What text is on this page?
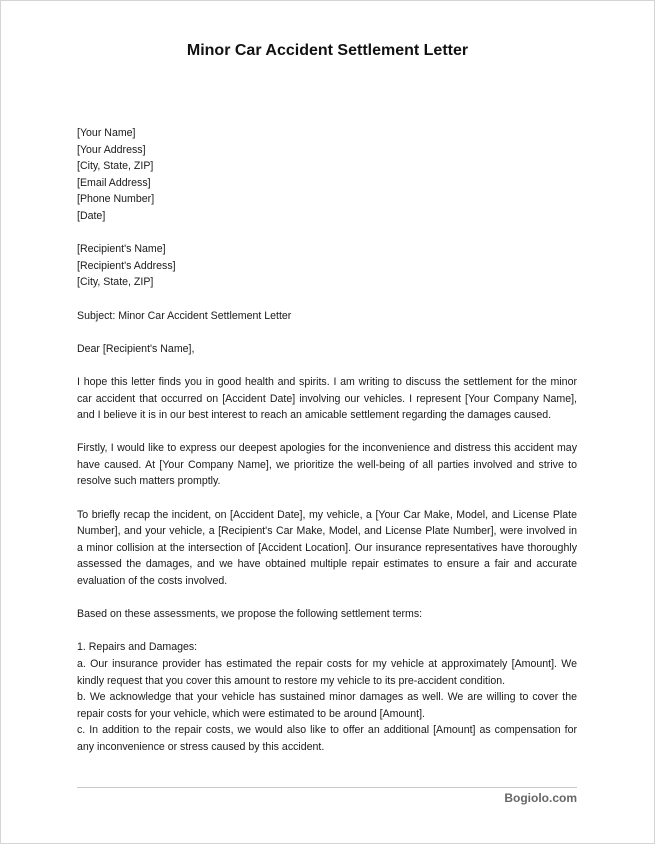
Minor Car Accident Settlement Letter
[Your Name]
[Your Address]
[City, State, ZIP]
[Email Address]
[Phone Number]
[Date]
[Recipient's Name]
[Recipient's Address]
[City, State, ZIP]
Subject: Minor Car Accident Settlement Letter
Dear [Recipient's Name],
I hope this letter finds you in good health and spirits. I am writing to discuss the settlement for the minor car accident that occurred on [Accident Date] involving our vehicles. I represent [Your Company Name], and I believe it is in our best interest to reach an amicable settlement regarding the damages caused.
Firstly, I would like to express our deepest apologies for the inconvenience and distress this accident may have caused. At [Your Company Name], we prioritize the well-being of all parties involved and strive to resolve such matters promptly.
To briefly recap the incident, on [Accident Date], my vehicle, a [Your Car Make, Model, and License Plate Number], and your vehicle, a [Recipient's Car Make, Model, and License Plate Number], were involved in a minor collision at the intersection of [Accident Location]. Our insurance representatives have thoroughly assessed the damages, and we have obtained multiple repair estimates to ensure a fair and accurate evaluation of the costs involved.
Based on these assessments, we propose the following settlement terms:
1. Repairs and Damages:
a. Our insurance provider has estimated the repair costs for my vehicle at approximately [Amount]. We kindly request that you cover this amount to restore my vehicle to its pre-accident condition.
b. We acknowledge that your vehicle has sustained minor damages as well. We are willing to cover the repair costs for your vehicle, which were estimated to be around [Amount].
c. In addition to the repair costs, we would also like to offer an additional [Amount] as compensation for any inconvenience or stress caused by this accident.
Bogiolo.com
